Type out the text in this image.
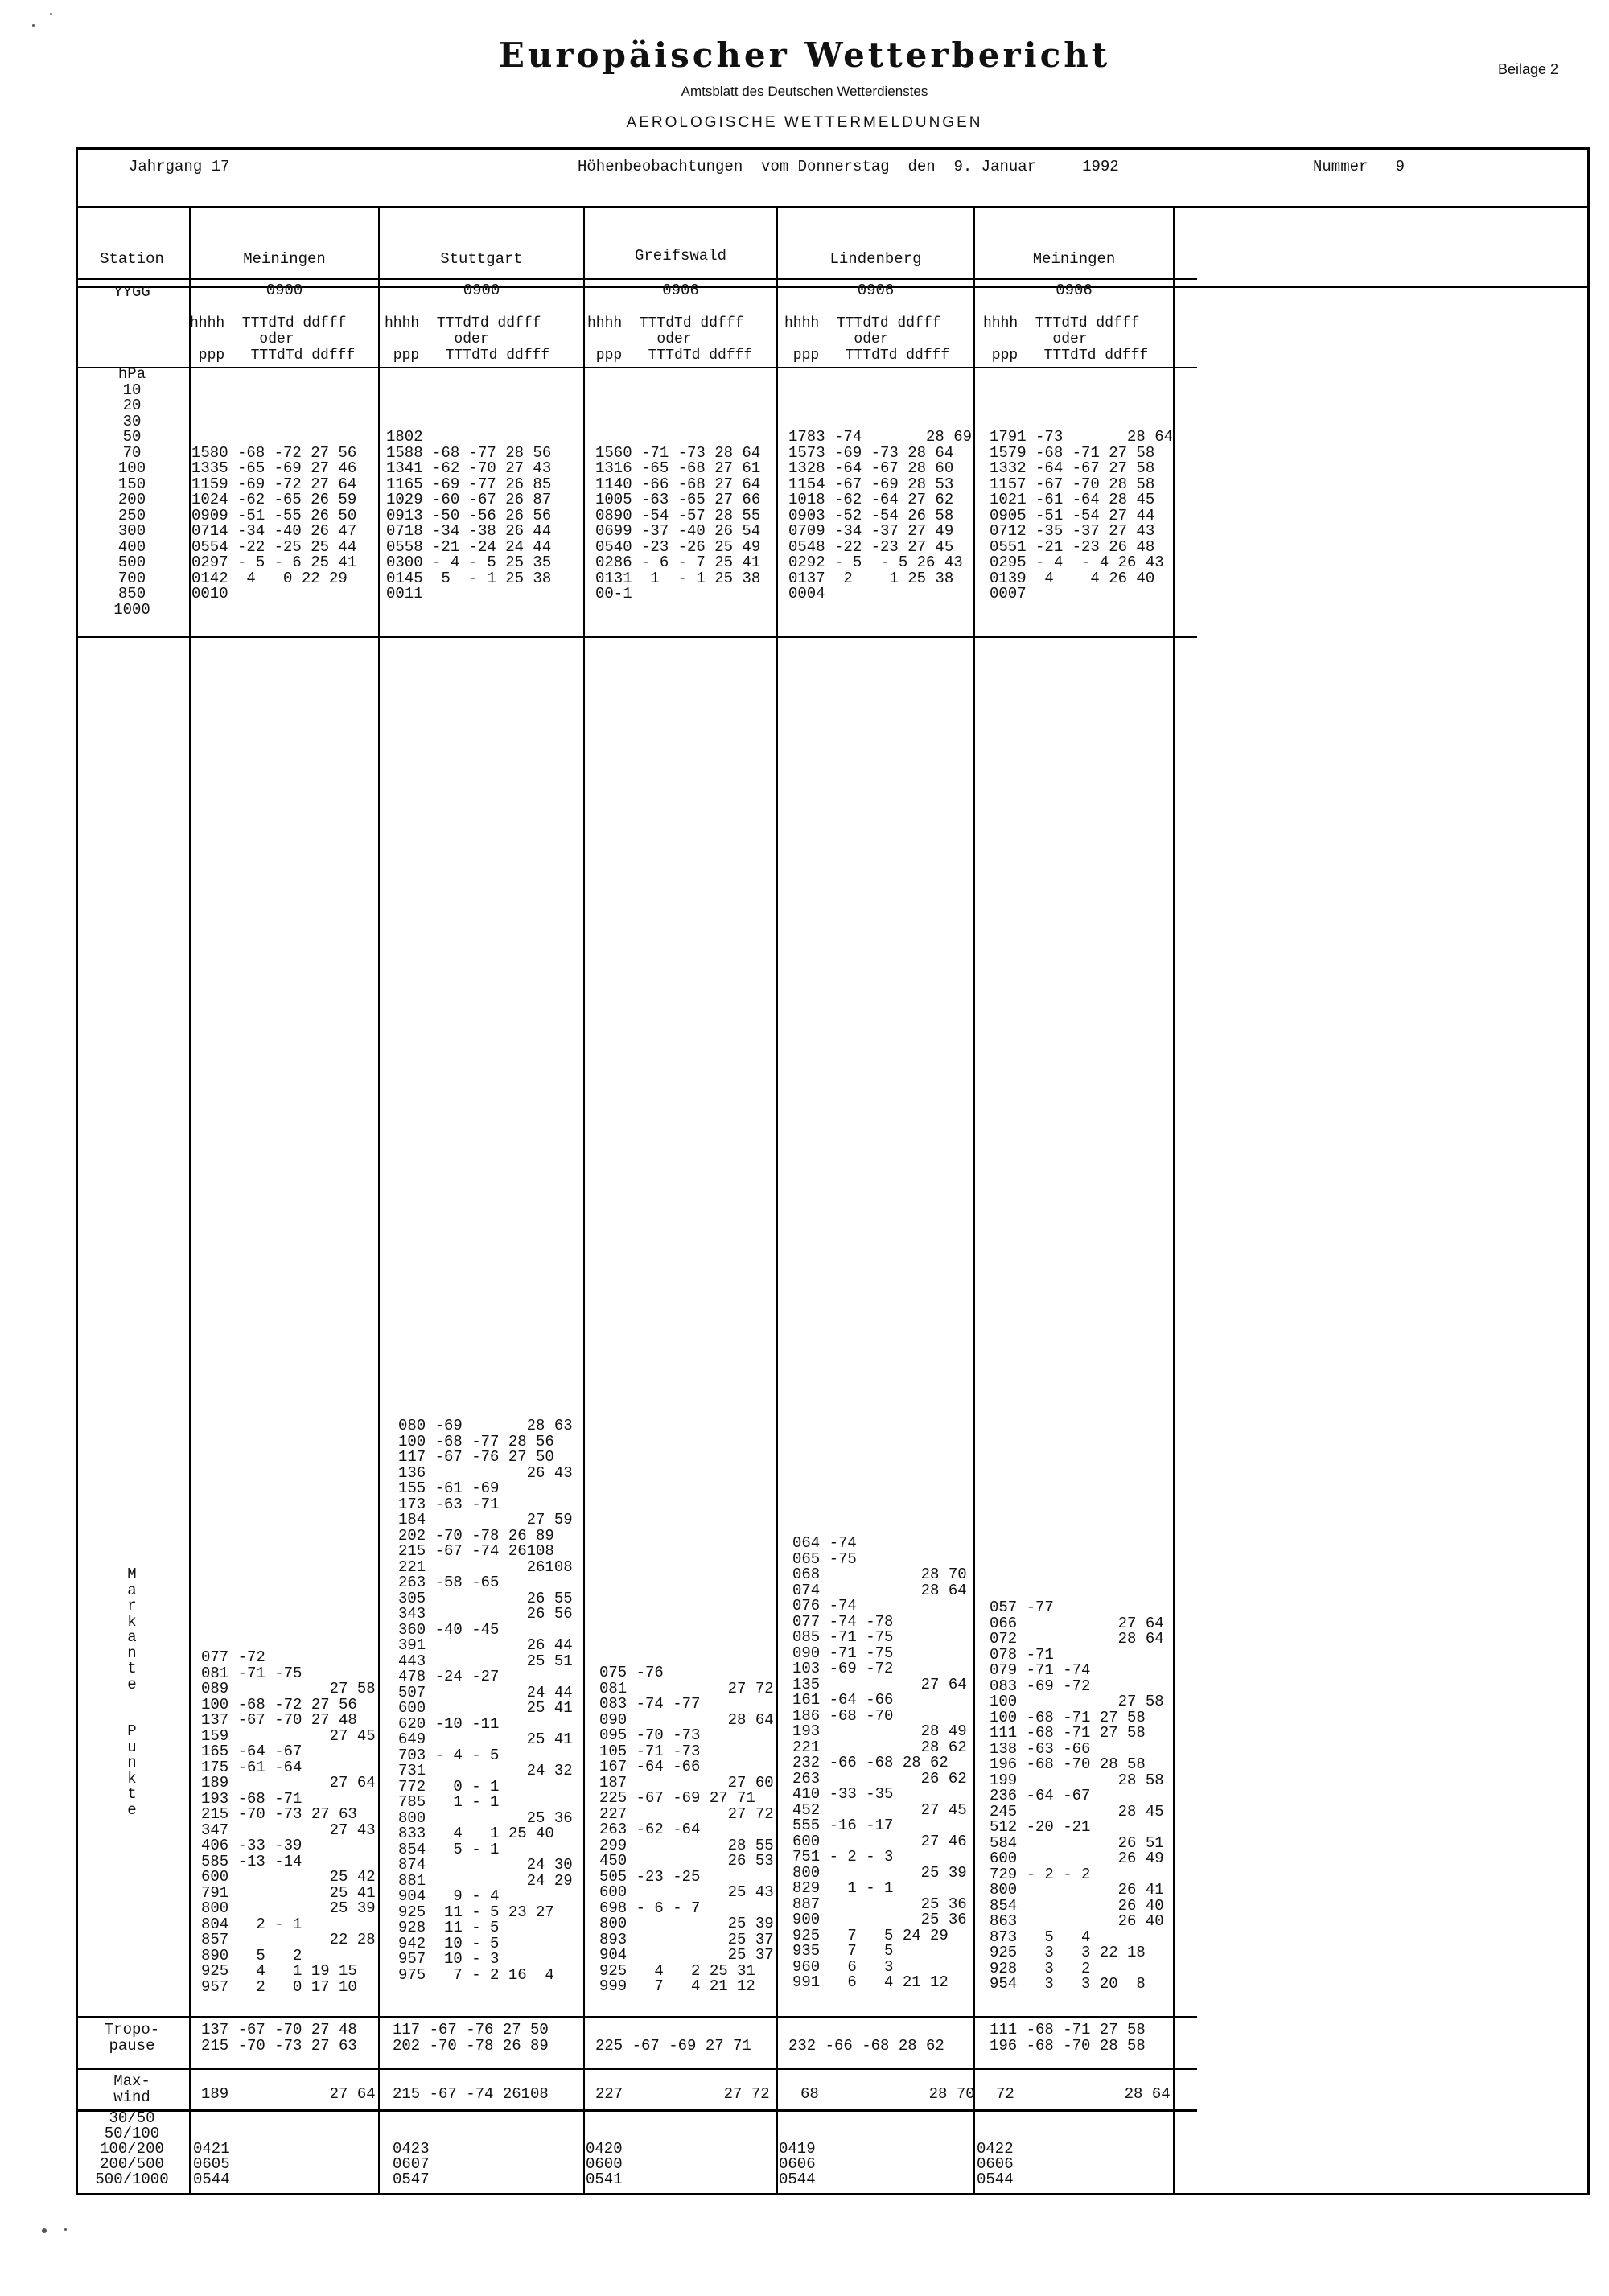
Europäischer Wetterbericht
Amtsblatt des Deutschen Wetterdienstes
AEROLOGISCHE WETTERMELDUNGEN
Beilage 2
Jahrgang 17	Höhenbeobachtungen  vom Donnerstag  den  9. Januar     1992	Nummer   9
Station
YYGG
hPa
10
20
30
50
70
100
150
200
250
300
400
500
700
850
1000
M
a
r
k
a
n
t
e

P
u
n
k
t
e
Tropo-
pause
Max-
wind
30/50
50/100
100/200
200/500
500/1000
Meiningen
0900
hhhh  TTTdTd ddfff
oder
ppp   TTTdTd ddfff

1580 -68 -72 27 56
1335 -65 -69 27 46
1159 -69 -72 27 64
1024 -62 -65 26 59
0909 -51 -55 26 50
0714 -34 -40 26 47
0554 -22 -25 25 44
0297 - 5 - 6 25 41
0142  4   0 22 29
0010
077 -72
081 -71 -75
089           27 58
100 -68 -72 27 56
137 -67 -70 27 48
159           27 45
165 -64 -67
175 -61 -64
189           27 64
193 -68 -71
215 -70 -73 27 63
347           27 43
406 -33 -39
585 -13 -14
600           25 42
791           25 41
800           25 39
804   2 - 1
857           22 28
890   5   2
925   4   1 19 15
957   2   0 17 10
137 -67 -70 27 48
215 -70 -73 27 63
189           27 64

0421
0605
0544
Stuttgart
0900
hhhh  TTTdTd ddfff
oder
ppp   TTTdTd ddfff

1802
1588 -68 -77 28 56
1341 -62 -70 27 43
1165 -69 -77 26 85
1029 -60 -67 26 87
0913 -50 -56 26 56
0718 -34 -38 26 44
0558 -21 -24 24 44
0300 - 4 - 5 25 35
0145  5  - 1 25 38
0011
080 -69       28 63
100 -68 -77 28 56
117 -67 -76 27 50
136           26 43
155 -61 -69
173 -63 -71
184           27 59
202 -70 -78 26 89
215 -67 -74 26108
221           26108
263 -58 -65
305           26 55
343           26 56
360 -40 -45
391           26 44
443           25 51
478 -24 -27
507           24 44
600           25 41
620 -10 -11
649           25 41
703 - 4 - 5
731           24 32
772   0 - 1
785   1 - 1
800           25 36
833   4   1 25 40
854   5 - 1
874           24 30
881           24 29
904   9 - 4
925  11 - 5 23 27
928  11 - 5
942  10 - 5
957  10 - 3
975   7 - 2 16  4
117 -67 -76 27 50
202 -70 -78 26 89
215 -67 -74 26108

0423
0607
0547
Greifswald
0906
hhhh  TTTdTd ddfff
oder
ppp   TTTdTd ddfff

1560 -71 -73 28 64
1316 -65 -68 27 61
1140 -66 -68 27 64
1005 -63 -65 27 66
0890 -54 -57 28 55
0699 -37 -40 26 54
0540 -23 -26 25 49
0286 - 6 - 7 25 41
0131  1  - 1 25 38
00-1
075 -76
081           27 72
083 -74 -77
090           28 64
095 -70 -73
105 -71 -73
167 -64 -66
187           27 60
225 -67 -69 27 71
227           27 72
263 -62 -64
299           28 55
450           26 53
505 -23 -25
600           25 43
698 - 6 - 7
800           25 39
893           25 37
904           25 37
925   4   2 25 31
999   7   4 21 12

225 -67 -69 27 71
227           27 72

0420
0600
0541
Lindenberg
0906
hhhh  TTTdTd ddfff
oder
ppp   TTTdTd ddfff

1783 -74       28 69
1573 -69 -73 28 64
1328 -64 -67 28 60
1154 -67 -69 28 53
1018 -62 -64 27 62
0903 -52 -54 26 58
0709 -34 -37 27 49
0548 -22 -23 27 45
0292 - 5  - 5 26 43
0137  2    1 25 38
0004
064 -74
065 -75
068           28 70
074           28 64
076 -74
077 -74 -78
085 -71 -75
090 -71 -75
103 -69 -72
135           27 64
161 -64 -66
186 -68 -70
193           28 49
221           28 62
232 -66 -68 28 62
263           26 62
410 -33 -35
452           27 45
555 -16 -17
600           27 46
751 - 2 - 3
800           25 39
829   1 - 1
887           25 36
900           25 36
925   7   5 24 29
935   7   5
960   6   3
991   6   4 21 12

232 -66 -68 28 62
68            28 70

0419
0606
0544
Meiningen
0906
hhhh  TTTdTd ddfff
oder
ppp   TTTdTd ddfff

1791 -73       28 64
1579 -68 -71 27 58
1332 -64 -67 27 58
1157 -67 -70 28 58
1021 -61 -64 28 45
0905 -51 -54 27 44
0712 -35 -37 27 43
0551 -21 -23 26 48
0295 - 4  - 4 26 43
0139  4    4 26 40
0007
057 -77
066           27 64
072           28 64
078 -71
079 -71 -74
083 -69 -72
100           27 58
100 -68 -71 27 58
111 -68 -71 27 58
138 -63 -66
196 -68 -70 28 58
199           28 58
236 -64 -67
245           28 45
512 -20 -21
584           26 51
600           26 49
729 - 2 - 2
800           26 41
854           26 40
863           26 40
873   5   4
925   3   3 22 18
928   3   2
954   3   3 20  8
111 -68 -71 27 58
196 -68 -70 28 58
72            28 64

0422
0606
0544
